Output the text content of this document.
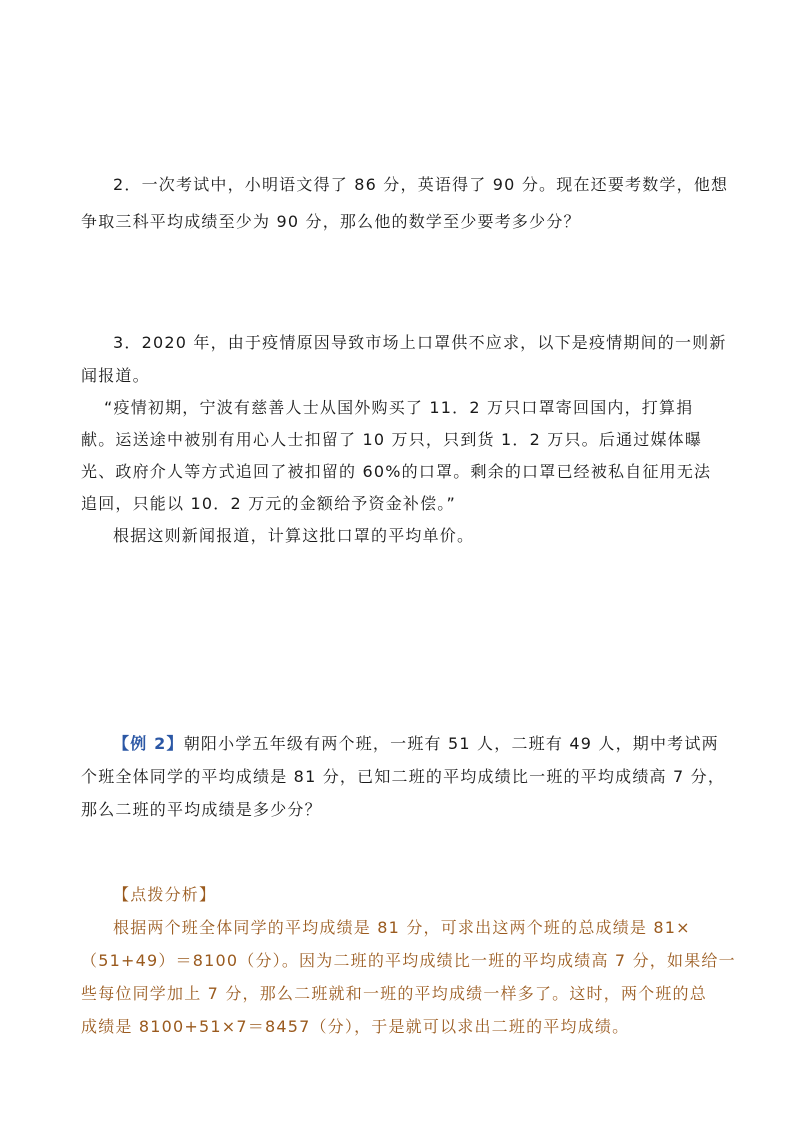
2．一次考试中，小明语文得了 86 分，英语得了 90 分。现在还要考数学，他想
争取三科平均成绩至少为 90 分，那么他的数学至少要考多少分？
3．2020 年，由于疫情原因导致市场上口罩供不应求，以下是疫情期间的一则新
闻报道。
“疫情初期，宁波有慈善人士从国外购买了 11．2 万只口罩寄回国内，打算捐
献。运送途中被别有用心人士扣留了 10 万只，只到货 1．2 万只。后通过媒体曝
光、政府介人等方式追回了被扣留的 60%的口罩。剩余的口罩已经被私自征用无法
追回，只能以 10．2 万元的金额给予资金补偿。”
根据这则新闻报道，计算这批口罩的平均单价。
【例 2】朝阳小学五年级有两个班，一班有 51 人，二班有 49 人，期中考试两
个班全体同学的平均成绩是 81 分，已知二班的平均成绩比一班的平均成绩高 7 分，
那么二班的平均成绩是多少分？
【点拨分析】
根据两个班全体同学的平均成绩是 81 分，可求出这两个班的总成绩是 81×
（51+49）＝8100（分）。因为二班的平均成绩比一班的平均成绩高 7 分，如果给一
些每位同学加上 7 分，那么二班就和一班的平均成绩一样多了。这时，两个班的总
成绩是 8100+51×7＝8457（分），于是就可以求出二班的平均成绩。
